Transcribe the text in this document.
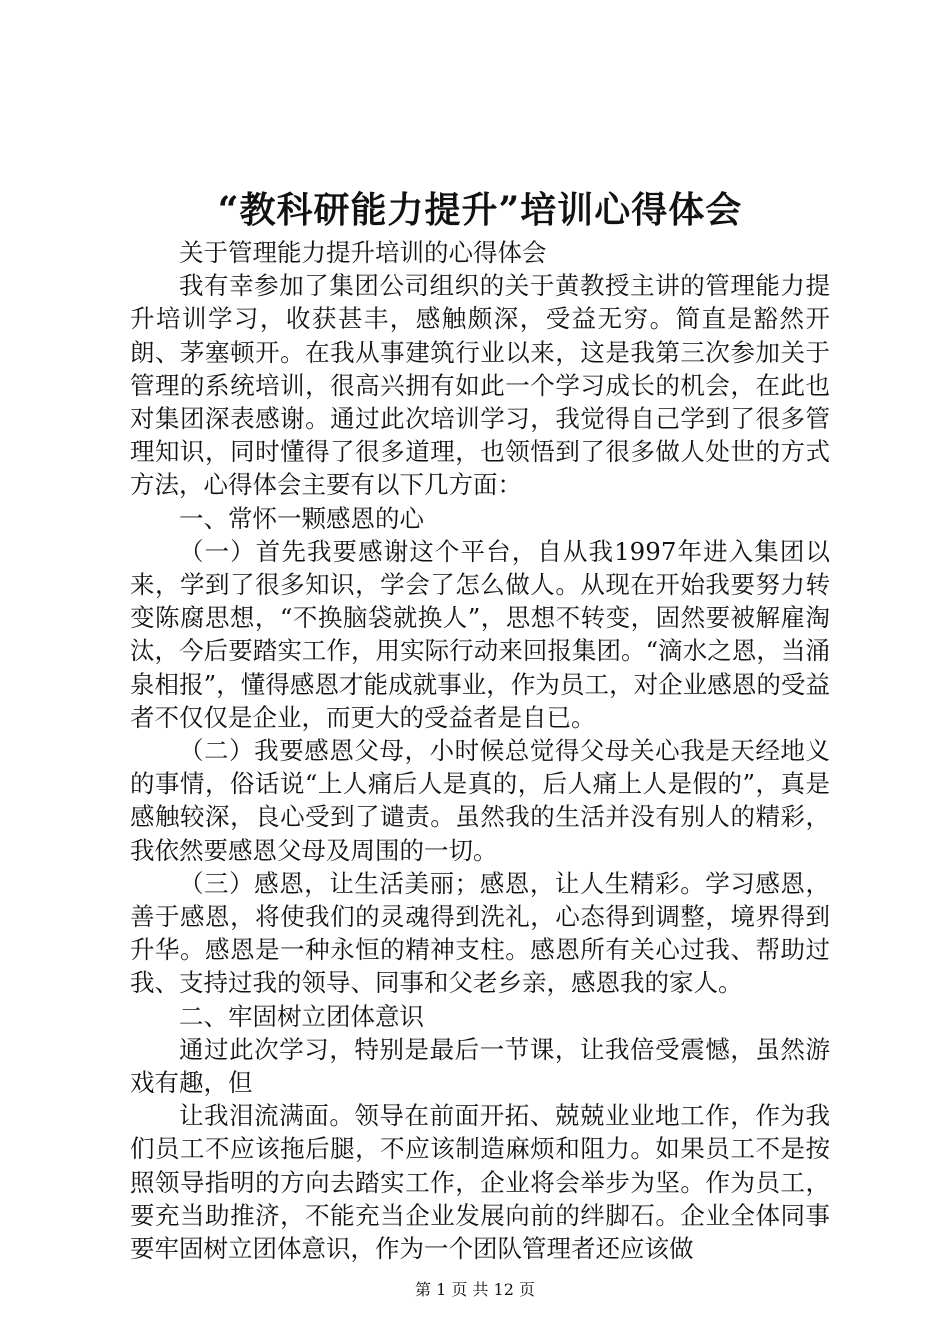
“教科研能力提升”培训心得体会

关于管理能力提升培训的心得体会

我有幸参加了集团公司组织的关于黄教授主讲的管理能力提升培训学习，收获甚丰，感触颇深，受益无穷。简直是豁然开朗、茅塞顿开。在我从事建筑行业以来，这是我第三次参加关于管理的系统培训，很高兴拥有如此一个学习成长的机会，在此也对集团深表感谢。通过此次培训学习，我觉得自己学到了很多管理知识，同时懂得了很多道理，也领悟到了很多做人处世的方式方法，心得体会主要有以下几方面：

一、常怀一颗感恩的心

（一）首先我要感谢这个平台，自从我1997年进入集团以来，学到了很多知识，学会了怎么做人。从现在开始我要努力转变陈腐思想，“不换脑袋就换人”，思想不转变，固然要被解雇淘汰，今后要踏实工作，用实际行动来回报集团。“滴水之恩，当涌泉相报”，懂得感恩才能成就事业，作为员工，对企业感恩的受益者不仅仅是企业，而更大的受益者是自已。

（二）我要感恩父母，小时候总觉得父母关心我是天经地义的事情，俗话说“上人痛后人是真的，后人痛上人是假的”，真是感触较深，良心受到了谴责。虽然我的生活并没有别人的精彩，我依然要感恩父母及周围的一切。

（三）感恩，让生活美丽；感恩，让人生精彩。学习感恩，善于感恩，将使我们的灵魂得到洗礼，心态得到调整，境界得到升华。感恩是一种永恒的精神支柱。感恩所有关心过我、帮助过我、支持过我的领导、同事和父老乡亲，感恩我的家人。

二、牢固树立团体意识

通过此次学习，特别是最后一节课，让我倍受震憾，虽然游戏有趣，但

让我泪流满面。领导在前面开拓、兢兢业业地工作，作为我们员工不应该拖后腿，不应该制造麻烦和阻力。如果员工不是按照领导指明的方向去踏实工作，企业将会举步为坚。作为员工，要充当助推济，不能充当企业发展向前的绊脚石。企业全体同事要牢固树立团体意识，作为一个团队管理者还应该做

第 1 页 共 12 页
